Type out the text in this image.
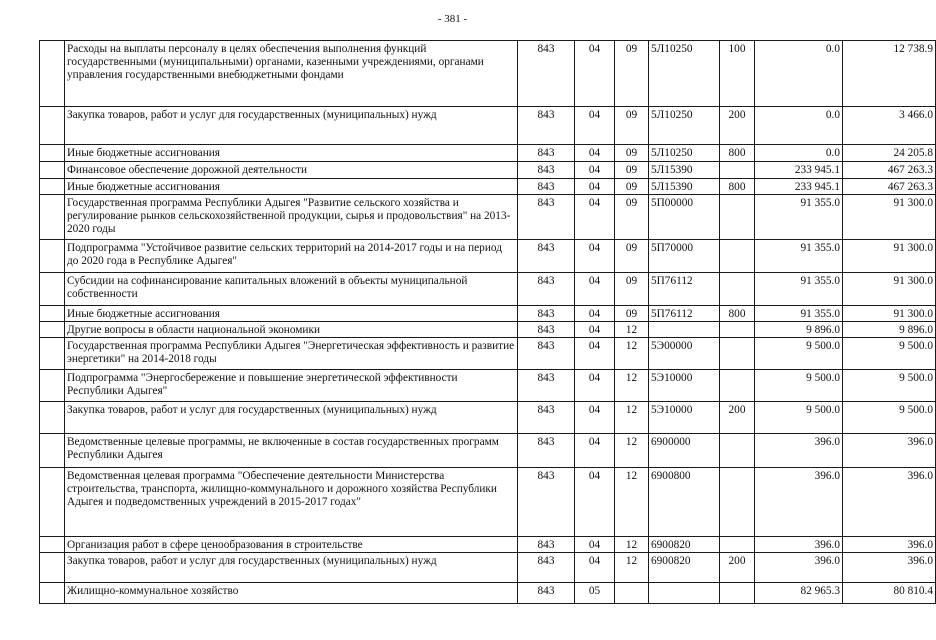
- 381 -
	Расходы на выплаты персоналу в целях обеспечения выполнения функций государственными (муниципальными) органами, казенными учреждениями, органами управления государственными внебюджетными фондами	843	04	09	5Л10250	100	0.0	12 738.9
	Закупка товаров, работ и услуг для государственных (муниципальных) нужд	843	04	09	5Л10250	200	0.0	3 466.0
	Иные бюджетные ассигнования	843	04	09	5Л10250	800	0.0	24 205.8
	Финансовое обеспечение дорожной деятельности	843	04	09	5Л15390		233 945.1	467 263.3
	Иные бюджетные ассигнования	843	04	09	5Л15390	800	233 945.1	467 263.3
	Государственная программа Республики Адыгея "Развитие сельского хозяйства и регулирование рынков сельскохозяйственной продукции, сырья и продовольствия" на 2013-2020 годы	843	04	09	5П00000		91 355.0	91 300.0
	Подпрограмма "Устойчивое развитие сельских территорий на 2014-2017 годы и на период до 2020 года в Республике Адыгея"	843	04	09	5П70000		91 355.0	91 300.0
	Субсидии на софинансирование капитальных вложений в объекты муниципальной собственности	843	04	09	5П76112		91 355.0	91 300.0
	Иные бюджетные ассигнования	843	04	09	5П76112	800	91 355.0	91 300.0
	Другие вопросы в области национальной экономики	843	04	12			9 896.0	9 896.0
	Государственная программа Республики Адыгея "Энергетическая эффективность и развитие энергетики" на 2014-2018 годы	843	04	12	5Э00000		9 500.0	9 500.0
	Подпрограмма "Энергосбережение и повышение энергетической эффективности Республики Адыгея"	843	04	12	5Э10000		9 500.0	9 500.0
	Закупка товаров, работ и услуг для государственных (муниципальных) нужд	843	04	12	5Э10000	200	9 500.0	9 500.0
	Ведомственные целевые программы, не включенные в состав государственных программ Республики Адыгея	843	04	12	6900000		396.0	396.0
	Ведомственная целевая программа "Обеспечение деятельности Министерства строительства, транспорта, жилищно-коммунального и дорожного хозяйства Республики Адыгея и подведомственных учреждений в 2015-2017 годах"	843	04	12	6900800		396.0	396.0
	Организация работ в сфере ценообразования в строительстве	843	04	12	6900820		396.0	396.0
	Закупка товаров, работ и услуг для государственных (муниципальных) нужд	843	04	12	6900820	200	396.0	396.0
	Жилищно-коммунальное хозяйство	843	05				82 965.3	80 810.4
